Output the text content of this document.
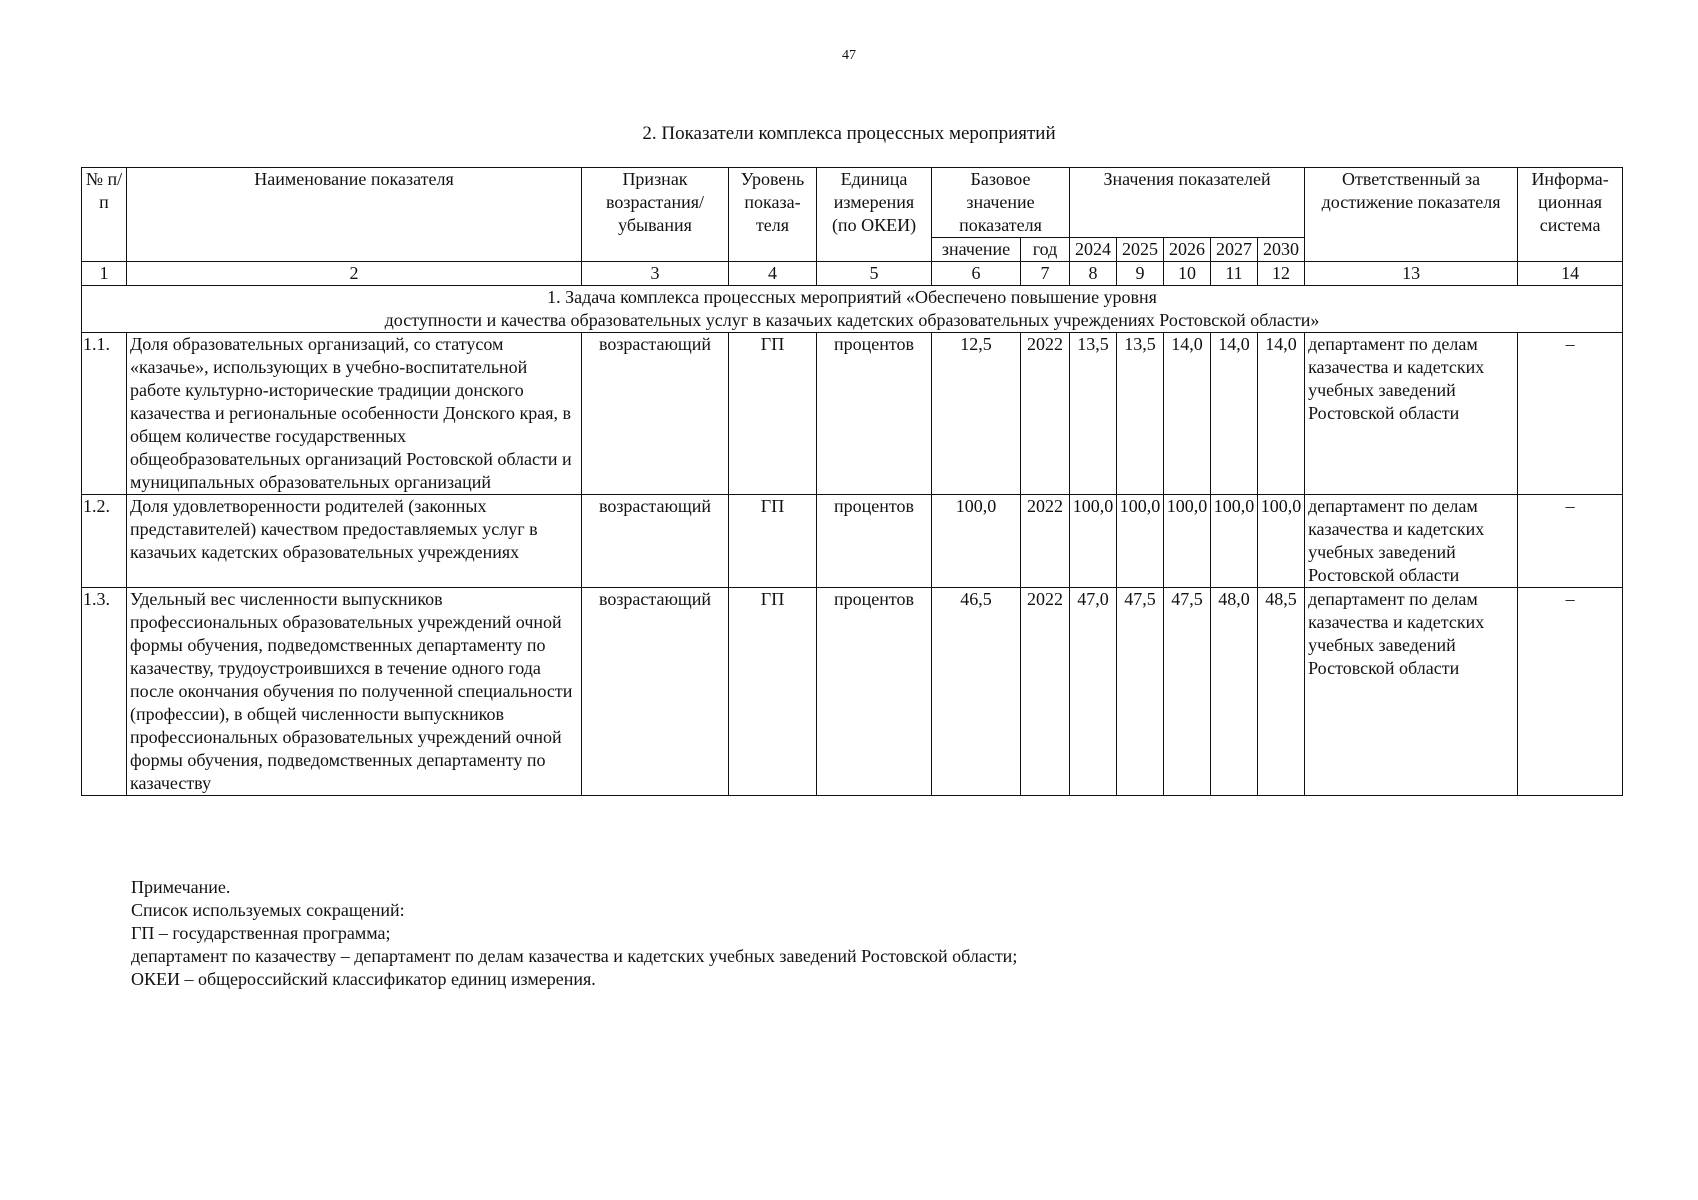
47
2. Показатели комплекса процессных мероприятий
№ п/п	Наименование показателя	Признак возрастания/ убывания	Уровень показа-теля	Единица измерения (по ОКЕИ)	Базовое значение показателя		Значения показателей					Ответственный за достижение показателя	Информа-ционная система
					значение	год	2024	2025	2026	2027	2030		
1	2	3	4	5	6	7	8	9	10	11	12	13	14

1. Задача комплекса процессных мероприятий «Обеспечено повышение уровня
доступности и качества образовательных услуг в казачьих кадетских образовательных учреждениях Ростовской области»													

1.1.	Доля образовательных организаций, со статусом «казачье», использующих в учебно-воспитательной работе культурно-исторические традиции донского казачества и региональные особенности Донского края, в общем количестве государственных общеобразовательных организаций Ростовской области и муниципальных образовательных организаций	возрастающий	ГП	процентов	12,5	2022	13,5	13,5	14,0	14,0	14,0	департамент по делам казачества и кадетских учебных заведений Ростовской области	–
1.2.	Доля удовлетворенности родителей (законных представителей) качеством предоставляемых услуг в казачьих кадетских образовательных учреждениях	возрастающий	ГП	процентов	100,0	2022	100,0	100,0	100,0	100,0	100,0	департамент по делам казачества и кадетских учебных заведений Ростовской области	–
1.3.	Удельный вес численности выпускников профессиональных образовательных учреждений очной формы обучения, подведомственных департаменту по казачеству, трудоустроившихся в течение одного года после окончания обучения по полученной специальности (профессии), в общей численности выпускников профессиональных образовательных учреждений очной формы обучения, подведомственных департаменту по казачеству	возрастающий	ГП	процентов	46,5	2022	47,0	47,5	47,5	48,0	48,5	департамент по делам казачества и кадетских учебных заведений Ростовской области	–
Примечание.
Список используемых сокращений:
ГП – государственная программа;
департамент по казачеству – департамент по делам казачества и кадетских учебных заведений Ростовской области;
ОКЕИ – общероссийский классификатор единиц измерения.
